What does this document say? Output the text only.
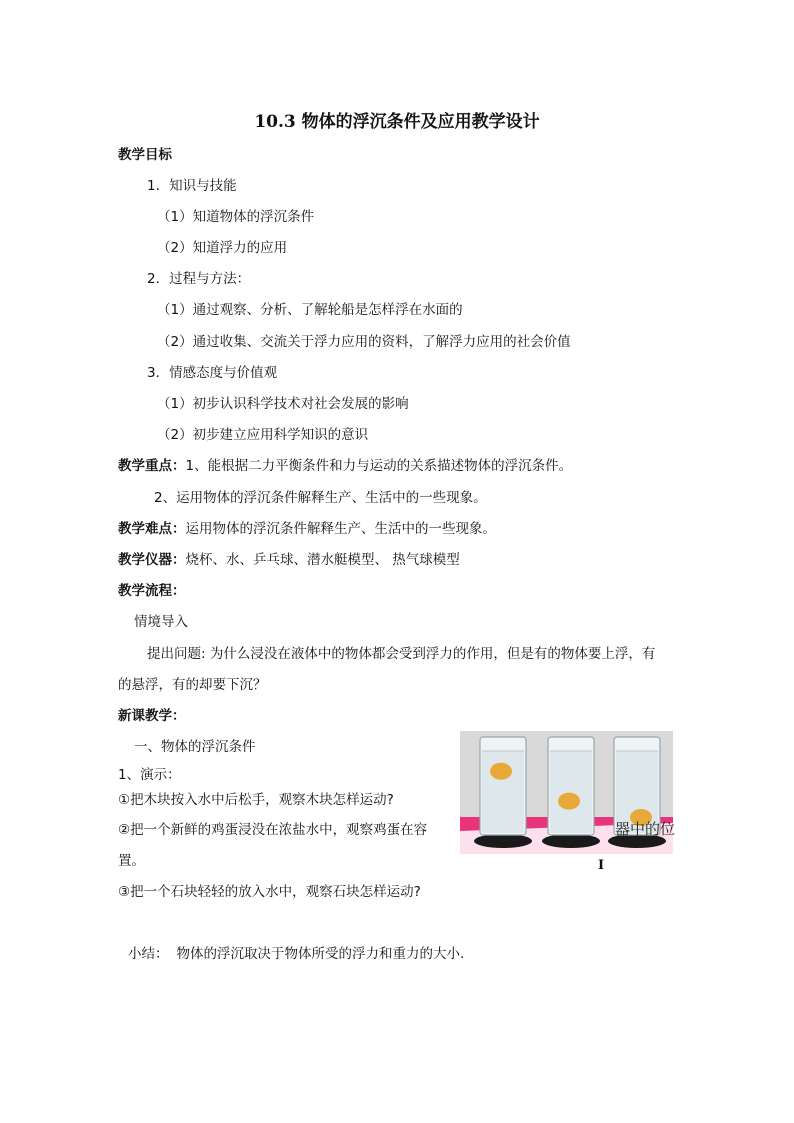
10.3 物体的浮沉条件及应用教学设计
教学目标
1．知识与技能
（1）知道物体的浮沉条件
（2）知道浮力的应用
2．过程与方法：
（1）通过观察、分析、了解轮船是怎样浮在水面的
（2）通过收集、交流关于浮力应用的资料，了解浮力应用的社会价值
3．情感态度与价值观
（1）初步认识科学技术对社会发展的影响
（2）初步建立应用科学知识的意识
教学重点：1、能根据二力平衡条件和力与运动的关系描述物体的浮沉条件。
2、运用物体的浮沉条件解释生产、生活中的一些现象。
教学难点：运用物体的浮沉条件解释生产、生活中的一些现象。
教学仪器：烧杯、水、乒乓球、潜水艇模型、 热气球模型
教学流程：
情境导入
提出问题: 为什么浸没在液体中的物体都会受到浮力的作用，但是有的物体要上浮，有
的悬浮，有的却要下沉？
新课教学：
一、物体的浮沉条件
1、演示：
①把木块按入水中后松手，观察木块怎样运动?
②把一个新鲜的鸡蛋浸没在浓盐水中，观察鸡蛋在容
置。
器中的位
I
③把一个石块轻轻的放入水中，观察石块怎样运动?
小结： 物体的浮沉取决于物体所受的浮力和重力的大小.
